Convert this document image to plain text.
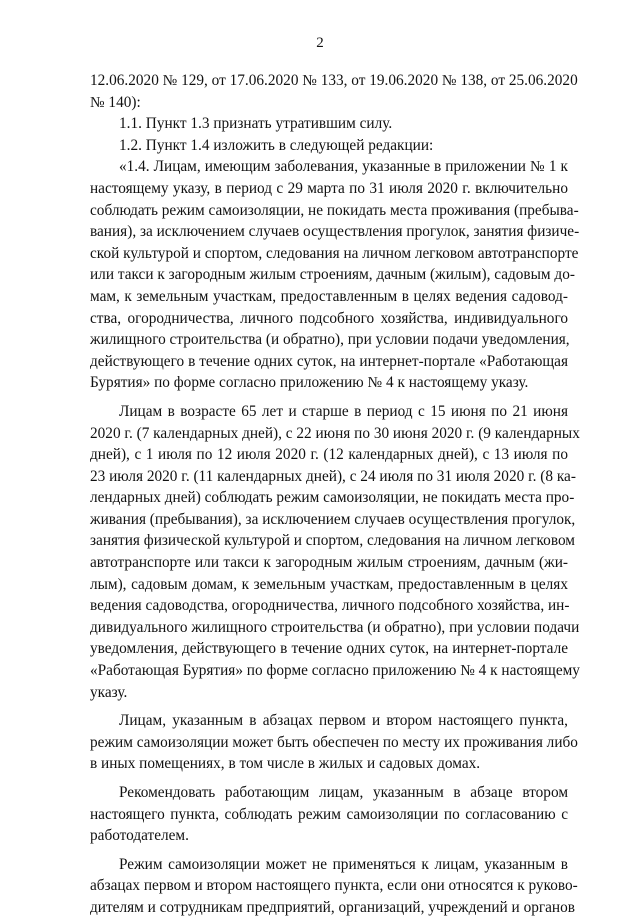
2
12.06.2020 № 129, от 17.06.2020 № 133, от 19.06.2020 № 138, от 25.06.2020
№ 140):
1.1. Пункт 1.3 признать утратившим силу.
1.2. Пункт 1.4 изложить в следующей редакции:
«1.4. Лицам, имеющим заболевания, указанные в приложении № 1 к
настоящему указу, в период с 29 марта по 31 июля 2020 г. включительно
соблюдать режим самоизоляции, не покидать места проживания (пребыва-
вания), за исключением случаев осуществления прогулок, занятия физиче-
ской культурой и спортом, следования на личном легковом автотранспорте
или такси к загородным жилым строениям, дачным (жилым), садовым до-
мам, к земельным участкам, предоставленным в целях ведения садовод-
ства, огородничества, личного подсобного хозяйства, индивидуального
жилищного строительства (и обратно), при условии подачи уведомления,
действующего в течение одних суток, на интернет-портале «Работающая
Бурятия» по форме согласно приложению № 4 к настоящему указу.
Лицам в возрасте 65 лет и старше в период с 15 июня по 21 июня
2020 г. (7 календарных дней), с 22 июня по 30 июня 2020 г. (9 календарных
дней), с 1 июля по 12 июля 2020 г. (12 календарных дней), с 13 июля по
23 июля 2020 г. (11 календарных дней), с 24 июля по 31 июля 2020 г. (8 ка-
лендарных дней) соблюдать режим самоизоляции, не покидать места про-
живания (пребывания), за исключением случаев осуществления прогулок,
занятия физической культурой и спортом, следования на личном легковом
автотранспорте или такси к загородным жилым строениям, дачным (жи-
лым), садовым домам, к земельным участкам, предоставленным в целях
ведения садоводства, огородничества, личного подсобного хозяйства, ин-
дивидуального жилищного строительства (и обратно), при условии подачи
уведомления, действующего в течение одних суток, на интернет-портале
«Работающая Бурятия» по форме согласно приложению № 4 к настоящему
указу.
Лицам, указанным в абзацах первом и втором настоящего пункта,
режим самоизоляции может быть обеспечен по месту их проживания либо
в иных помещениях, в том числе в жилых и садовых домах.
Рекомендовать работающим лицам, указанным в абзаце втором
настоящего пункта, соблюдать режим самоизоляции по согласованию с
работодателем.
Режим самоизоляции может не применяться к лицам, указанным в
абзацах первом и втором настоящего пункта, если они относятся к руково-
дителям и сотрудникам предприятий, организаций, учреждений и органов
